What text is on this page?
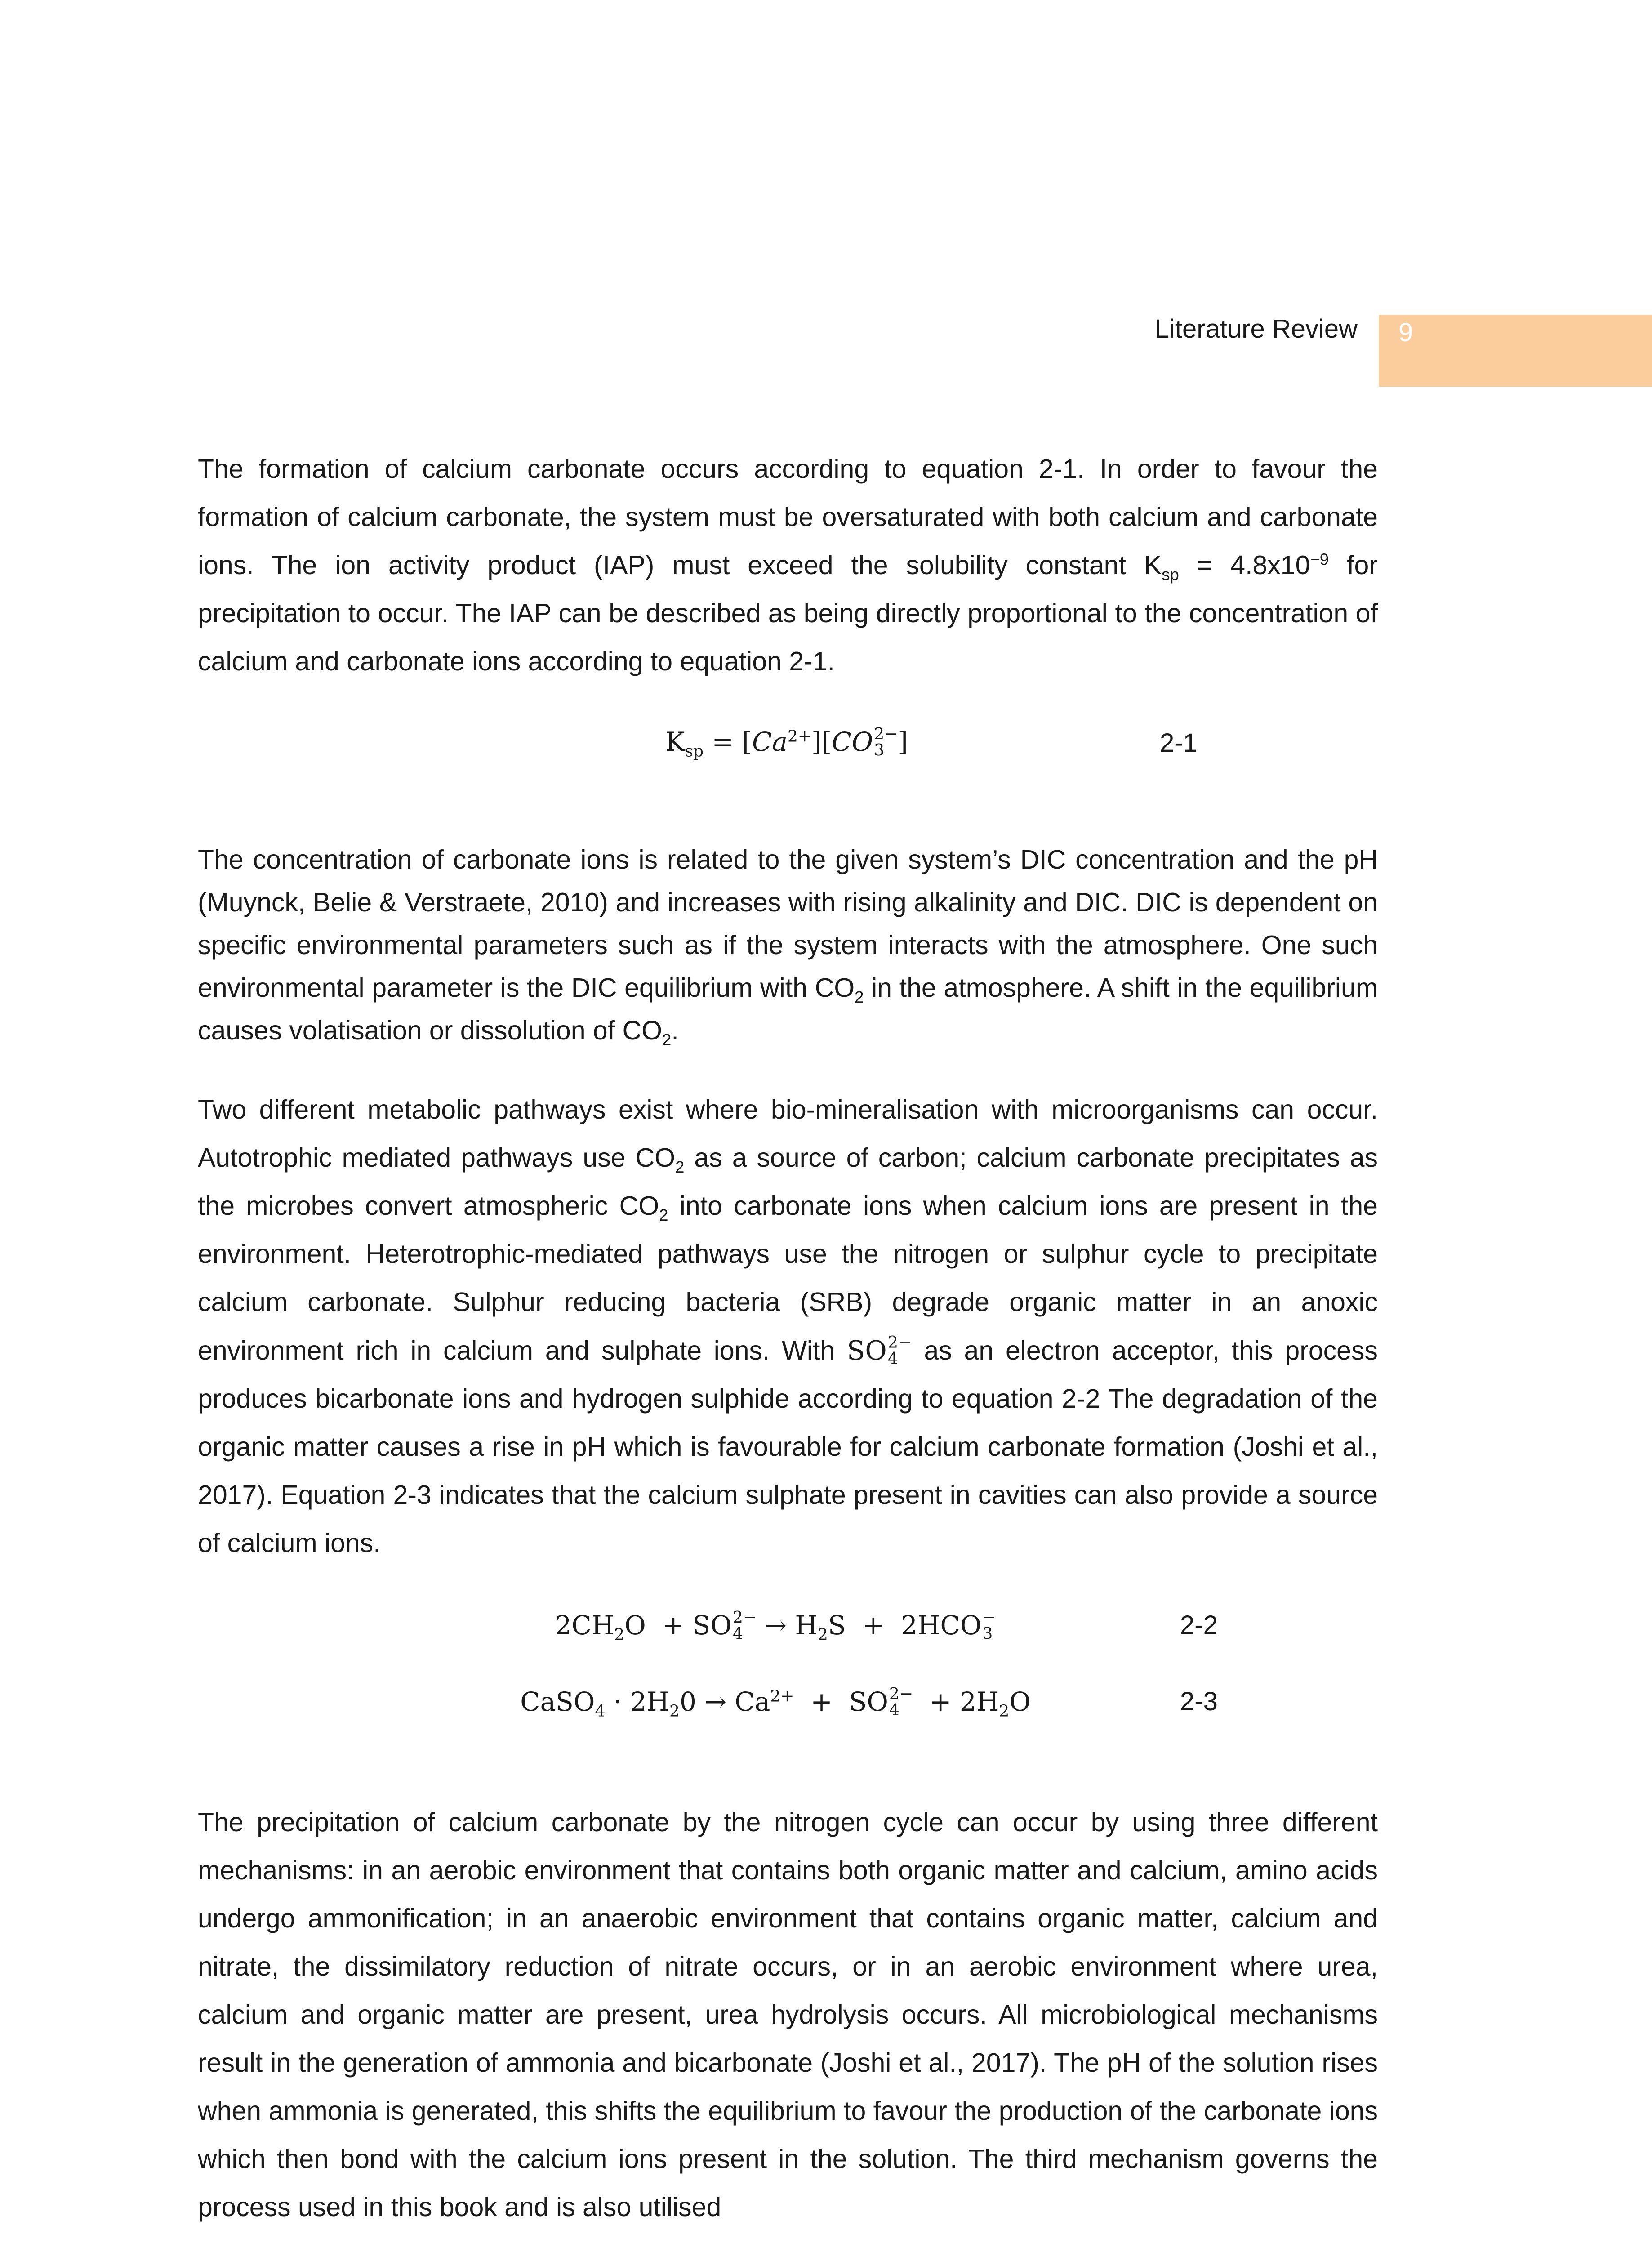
Literature Review 9

The formation of calcium carbonate occurs according to equation 2-1. In order to favour the formation of calcium carbonate, the system must be oversaturated with both calcium and carbonate ions. The ion activity product (IAP) must exceed the solubility constant $K_{sp} = 4.8x10^{-9}$ for precipitation to occur. The IAP can be described as being directly proportional to the concentration of calcium and carbonate ions according to equation 2-1.

$K_{sp} = [Ca^{2+}][CO$ 2−
3 ]	2-1

The concentration of carbonate ions is related to the given system’s DIC concentration and the pH (Muynck, Belie & Verstraete, 2010) and increases with rising alkalinity and DIC. DIC is dependent on specific environmental parameters such as if the system interacts with the atmosphere. One such environmental parameter is the DIC equilibrium with $CO_2$ in the atmosphere. A shift in the equilibrium causes volatisation or dissolution of $CO_2$.

Two different metabolic pathways exist where bio-mineralisation with microorganisms can occur. Autotrophic mediated pathways use $CO_2$ as a source of carbon; calcium carbonate precipitates as the microbes convert atmospheric $CO_2$ into carbonate ions when calcium ions are present in the environment. Heterotrophic-mediated pathways use the nitrogen or sulphur cycle to precipitate calcium carbonate. Sulphur reducing bacteria (SRB) degrade organic matter in an anoxic environment rich in calcium and sulphate ions. With SO 2−
4 as an electron acceptor, this process produces bicarbonate ions and hydrogen sulphide according to equation 2-2 The degradation of the organic matter causes a rise in pH which is favourable for calcium carbonate formation (Joshi et al., 2017). Equation 2-3 indicates that the calcium sulphate present in cavities can also provide a source of calcium ions.

$2CH_2O$  + SO 2−
$4 \to H_2S + 2HCO$ −
3	2-2
CaSO$_4$ · $2H_20 \to Ca^{2+}$  +  SO 2−
$4 + 2H_2O$	2-3

The precipitation of calcium carbonate by the nitrogen cycle can occur by using three different mechanisms: in an aerobic environment that contains both organic matter and calcium, amino acids undergo ammonification; in an anaerobic environment that contains organic matter, calcium and nitrate, the dissimilatory reduction of nitrate occurs, or in an aerobic environment where urea, calcium and organic matter are present, urea hydrolysis occurs. All microbiological mechanisms result in the generation of ammonia and bicarbonate (Joshi et al., 2017). The pH of the solution rises when ammonia is generated, this shifts the equilibrium to favour the production of the carbonate ions which then bond with the calcium ions present in the solution. The third mechanism governs the process used in this book and is also utilised
